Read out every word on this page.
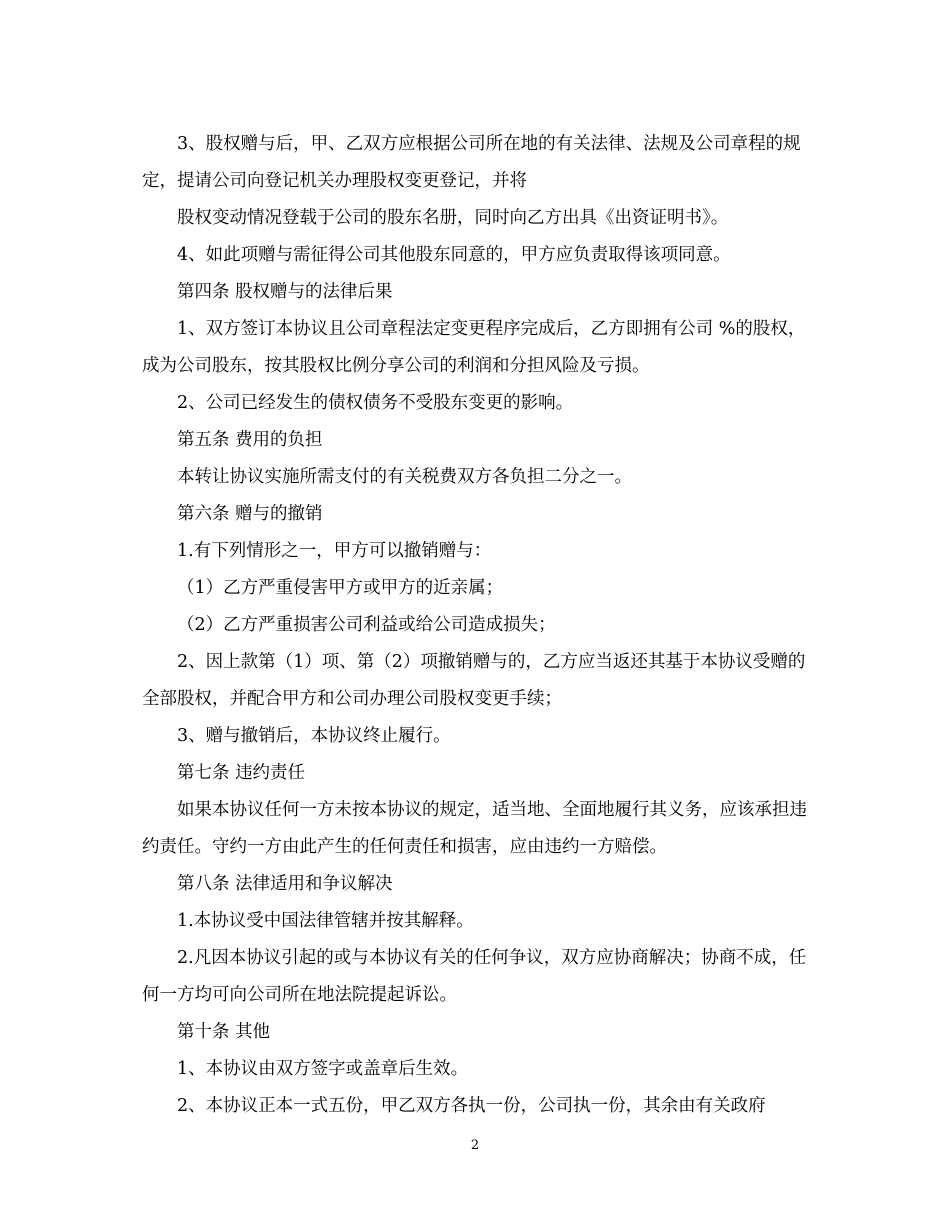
3、股权赠与后，甲、乙双方应根据公司所在地的有关法律、法规及公司章程的规定，提请公司向登记机关办理股权变更登记，并将

股权变动情况登载于公司的股东名册，同时向乙方出具《出资证明书》。

4、如此项赠与需征得公司其他股东同意的，甲方应负责取得该项同意。

第四条 股权赠与的法律后果

1、双方签订本协议且公司章程法定变更程序完成后，乙方即拥有公司 %的股权，成为公司股东，按其股权比例分享公司的利润和分担风险及亏损。

2、公司已经发生的债权债务不受股东变更的影响。

第五条 费用的负担

本转让协议实施所需支付的有关税费双方各负担二分之一。

第六条 赠与的撤销

1.有下列情形之一，甲方可以撤销赠与：

（1）乙方严重侵害甲方或甲方的近亲属；

（2）乙方严重损害公司利益或给公司造成损失；

2、因上款第（1）项、第（2）项撤销赠与的，乙方应当返还其基于本协议受赠的全部股权，并配合甲方和公司办理公司股权变更手续；

3、赠与撤销后，本协议终止履行。

第七条 违约责任

如果本协议任何一方未按本协议的规定，适当地、全面地履行其义务，应该承担违约责任。守约一方由此产生的任何责任和损害，应由违约一方赔偿。

第八条 法律适用和争议解决

1.本协议受中国法律管辖并按其解释。

2.凡因本协议引起的或与本协议有关的任何争议，双方应协商解决；协商不成，任何一方均可向公司所在地法院提起诉讼。

第十条 其他

1、本协议由双方签字或盖章后生效。

2、本协议正本一式五份，甲乙双方各执一份，公司执一份，其余由有关政府

2
